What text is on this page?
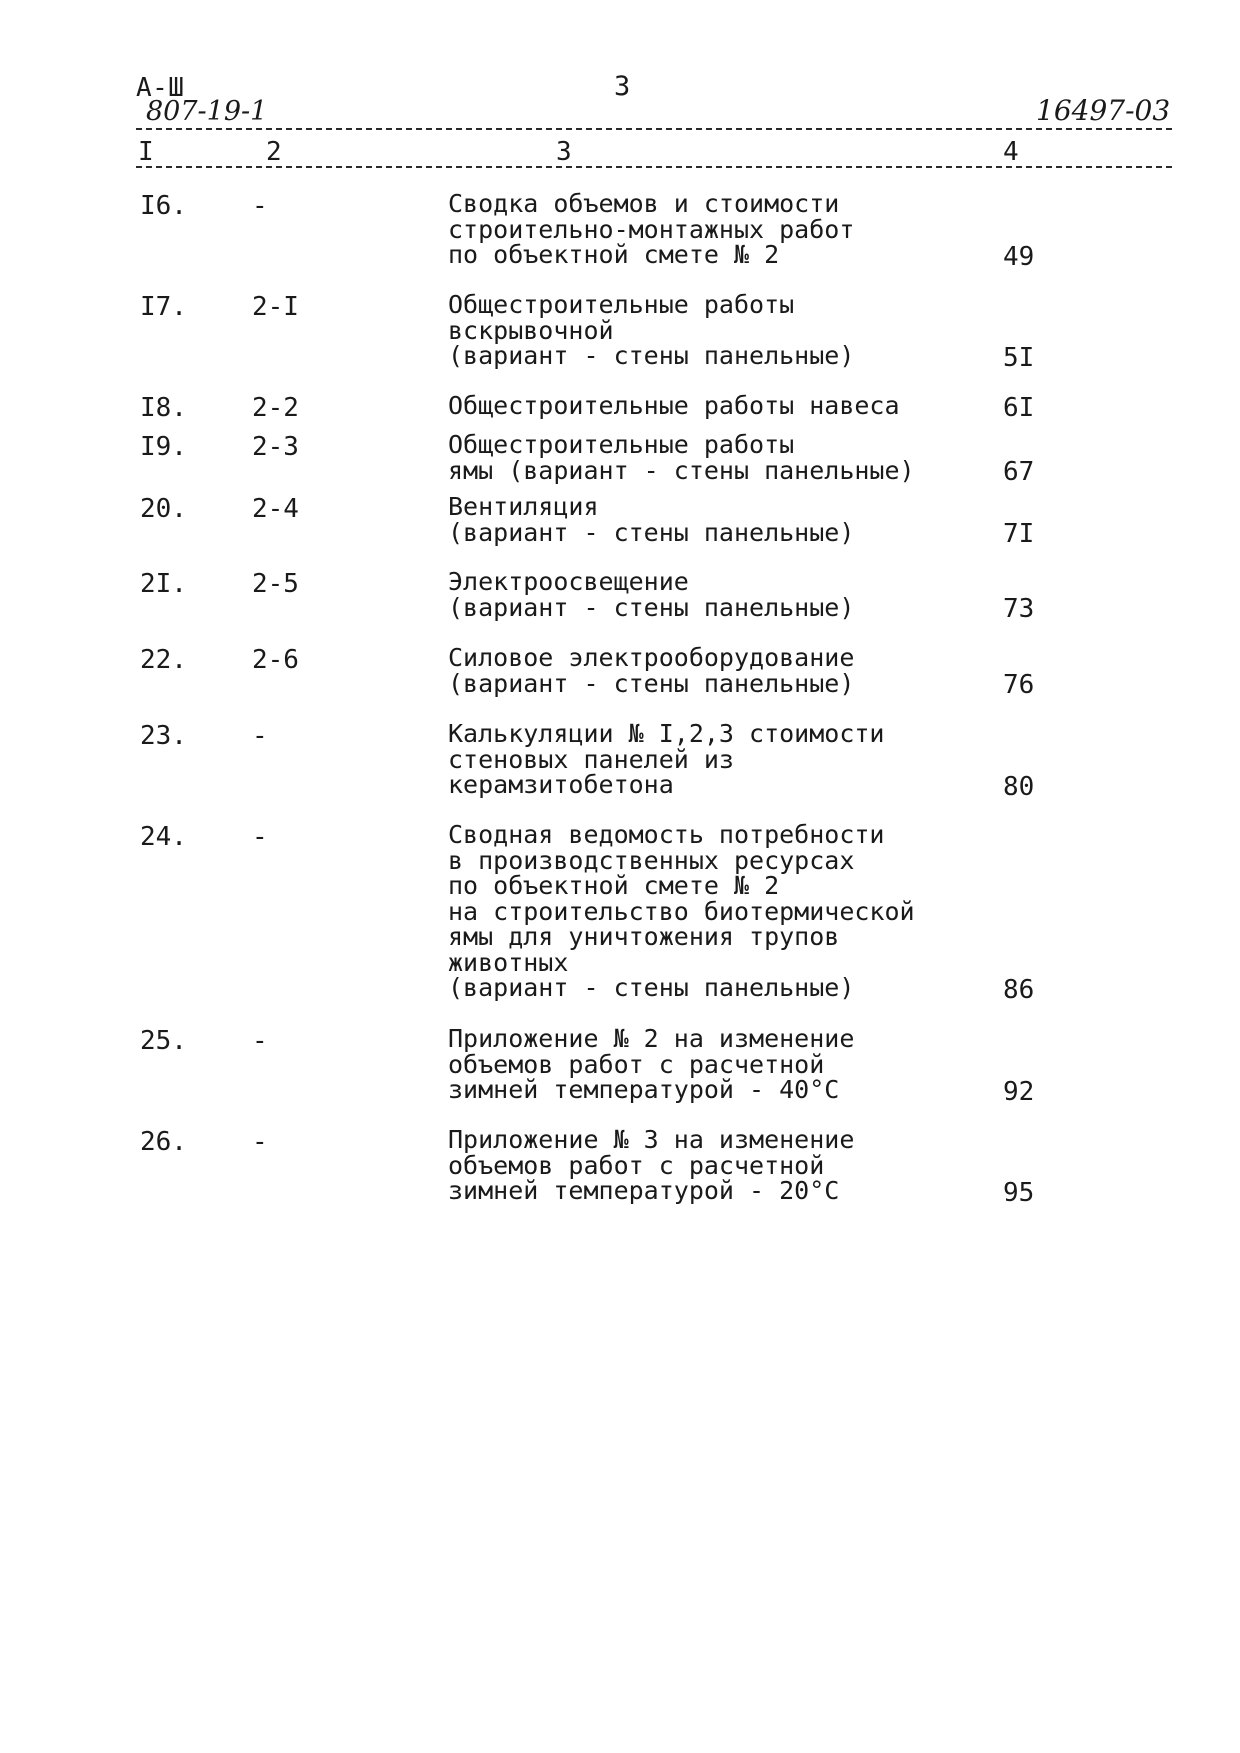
А-Ш
807-19-1
3
16497-03
I	2	3	4
I6.	-	Сводка объемов и стоимости
строительно-монтажных работ
по объектной смете № 2	49
I7.	2-I	Общестроительные работы
вскрывочной
(вариант - стены панельные)	5I
I8.	2-2	Общестроительные работы навеса	6I
I9.	2-3	Общестроительные работы
ямы (вариант - стены панельные)	67
20.	2-4	Вентиляция
(вариант - стены панельные)	7I
2I.	2-5	Электроосвещение
(вариант - стены панельные)	73
22.	2-6	Силовое электрооборудование
(вариант - стены панельные)	76
23.	-	Калькуляции № I,2,3 стоимости
стеновых панелей из
керамзитобетона	80
24.	-	Сводная ведомость потребности
в производственных ресурсах
по объектной смете № 2
на строительство биотермической
ямы для уничтожения трупов
животных
(вариант - стены панельные)	86
25.	-	Приложение № 2 на изменение
объемов работ с расчетной
зимней температурой - 40°С	92
26.	-	Приложение № 3 на изменение
объемов работ с расчетной
зимней температурой - 20°С	95
